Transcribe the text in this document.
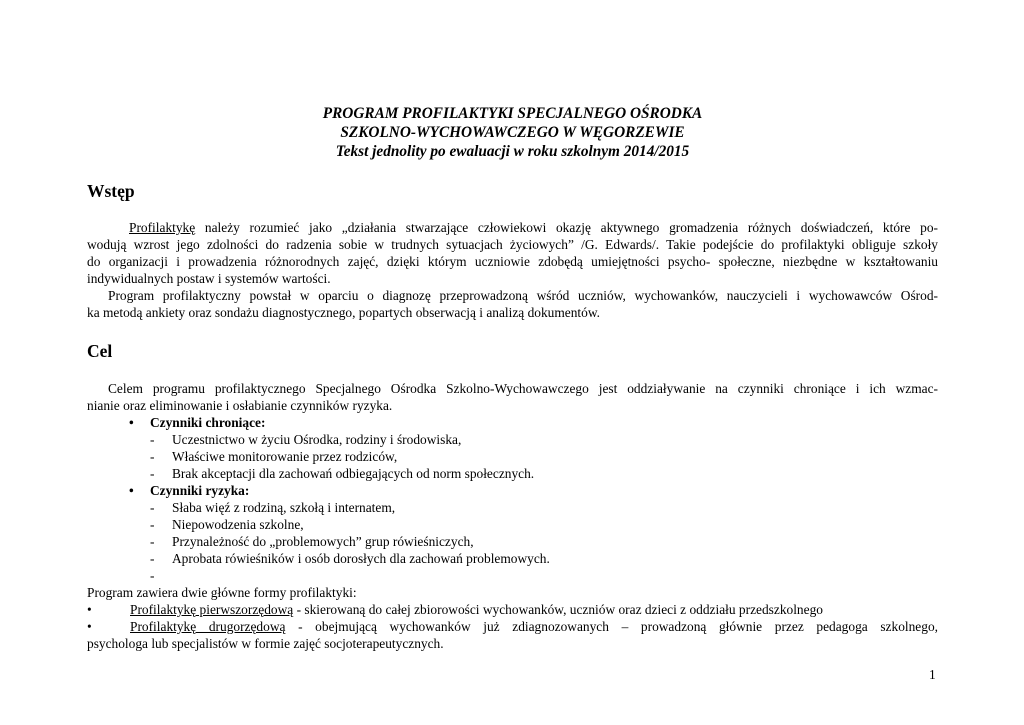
PROGRAM PROFILAKTYKI SPECJALNEGO OŚRODKA
SZKOLNO-WYCHOWAWCZEGO W WĘGORZEWIE
Tekst jednolity po ewaluacji w roku szkolnym 2014/2015
Wstęp
Profilaktykę należy rozumieć jako „działania stwarzające człowiekowi okazję aktywnego gromadzenia różnych doświadczeń, które po-
wodują wzrost jego zdolności do radzenia sobie w trudnych sytuacjach życiowych” /G. Edwards/. Takie podejście do profilaktyki obliguje szkoły
do organizacji i prowadzenia różnorodnych zajęć, dzięki którym uczniowie zdobędą umiejętności psycho- społeczne, niezbędne w kształtowaniu
indywidualnych postaw i systemów wartości.
Program profilaktyczny powstał w oparciu o diagnozę przeprowadzoną wśród uczniów, wychowanków, nauczycieli i wychowawców Ośrod-
ka metodą ankiety oraz sondażu diagnostycznego, popartych obserwacją i analizą dokumentów.
Cel
Celem programu profilaktycznego Specjalnego Ośrodka Szkolno-Wychowawczego jest oddziaływanie na czynniki chroniące i ich wzmac-
nianie oraz eliminowanie i osłabianie czynników ryzyka.
• Czynniki chroniące:
- Uczestnictwo w życiu Ośrodka, rodziny i środowiska,
- Właściwe monitorowanie przez rodziców,
- Brak akceptacji dla zachowań odbiegających od norm społecznych.
• Czynniki ryzyka:
- Słaba więź z rodziną, szkołą i internatem,
- Niepowodzenia szkolne,
- Przynależność do „problemowych” grup rówieśniczych,
- Aprobata rówieśników i osób dorosłych dla zachowań problemowych.
-
Program zawiera dwie główne formy profilaktyki:
•	Profilaktykę pierwszorzędową - skierowaną do całej zbiorowości wychowanków, uczniów oraz dzieci z oddziału przedszkolnego
•	Profilaktykę drugorzędową - obejmującą wychowanków już zdiagnozowanych – prowadzoną głównie przez pedagoga szkolnego,
psychologa lub specjalistów w formie zajęć socjoterapeutycznych.
1
